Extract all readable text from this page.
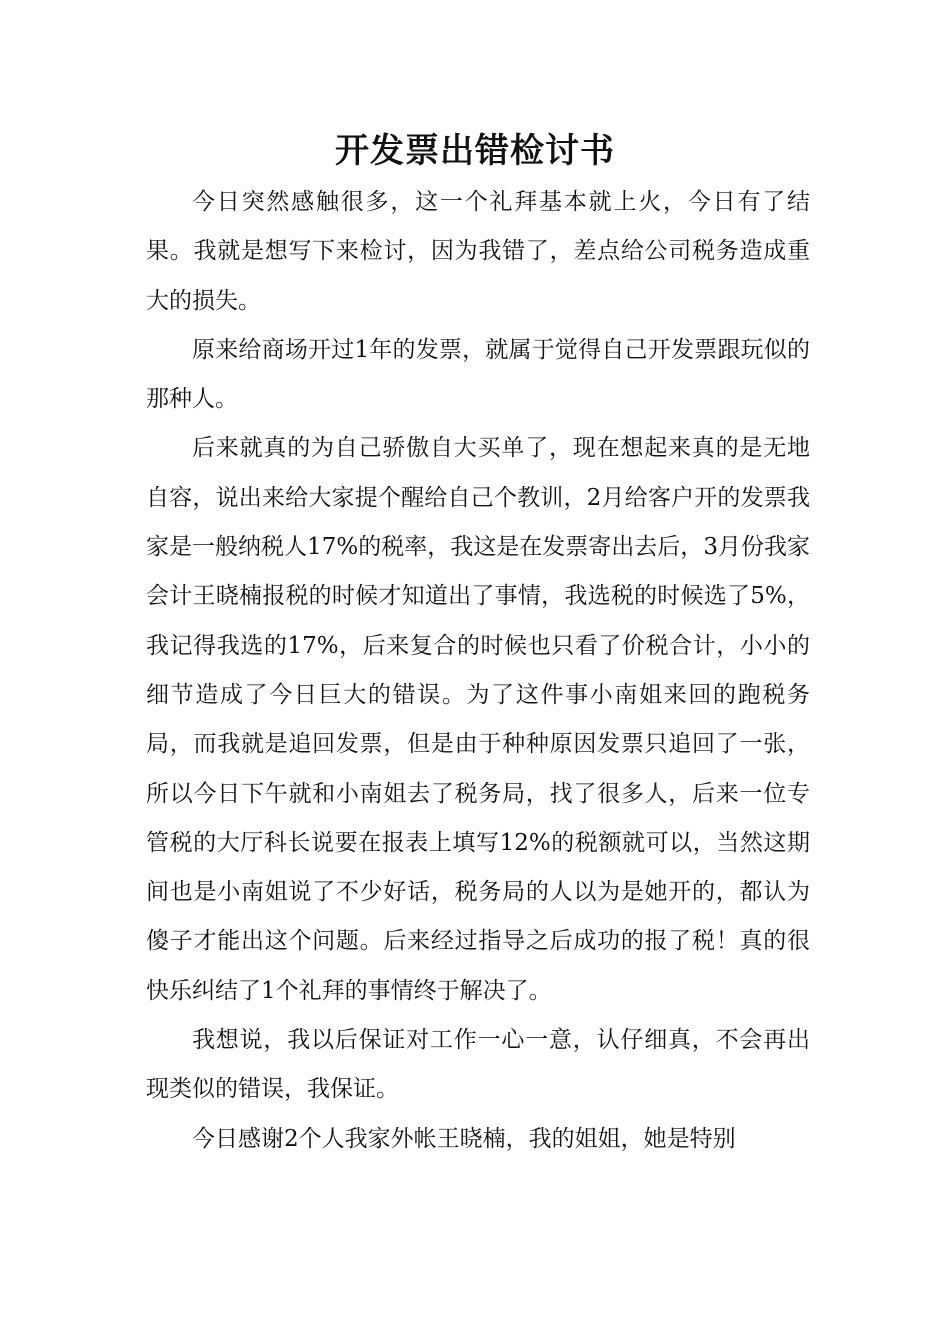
开发票出错检讨书

今日突然感触很多，这一个礼拜基本就上火，今日有了结果。我就是想写下来检讨，因为我错了，差点给公司税务造成重大的损失。

原来给商场开过1年的发票，就属于觉得自己开发票跟玩似的那种人。

后来就真的为自己骄傲自大买单了，现在想起来真的是无地自容，说出来给大家提个醒给自己个教训，2月给客户开的发票我家是一般纳税人17%的税率，我这是在发票寄出去后，3月份我家会计王晓楠报税的时候才知道出了事情，我选税的时候选了5%，我记得我选的17%，后来复合的时候也只看了价税合计，小小的细节造成了今日巨大的错误。为了这件事小南姐来回的跑税务局，而我就是追回发票，但是由于种种原因发票只追回了一张，所以今日下午就和小南姐去了税务局，找了很多人，后来一位专管税的大厅科长说要在报表上填写12%的税额就可以，当然这期间也是小南姐说了不少好话，税务局的人以为是她开的，都认为傻子才能出这个问题。后来经过指导之后成功的报了税！真的很快乐纠结了1个礼拜的事情终于解决了。

我想说，我以后保证对工作一心一意，认仔细真，不会再出现类似的错误，我保证。

今日感谢2个人我家外帐王晓楠，我的姐姐，她是特别
